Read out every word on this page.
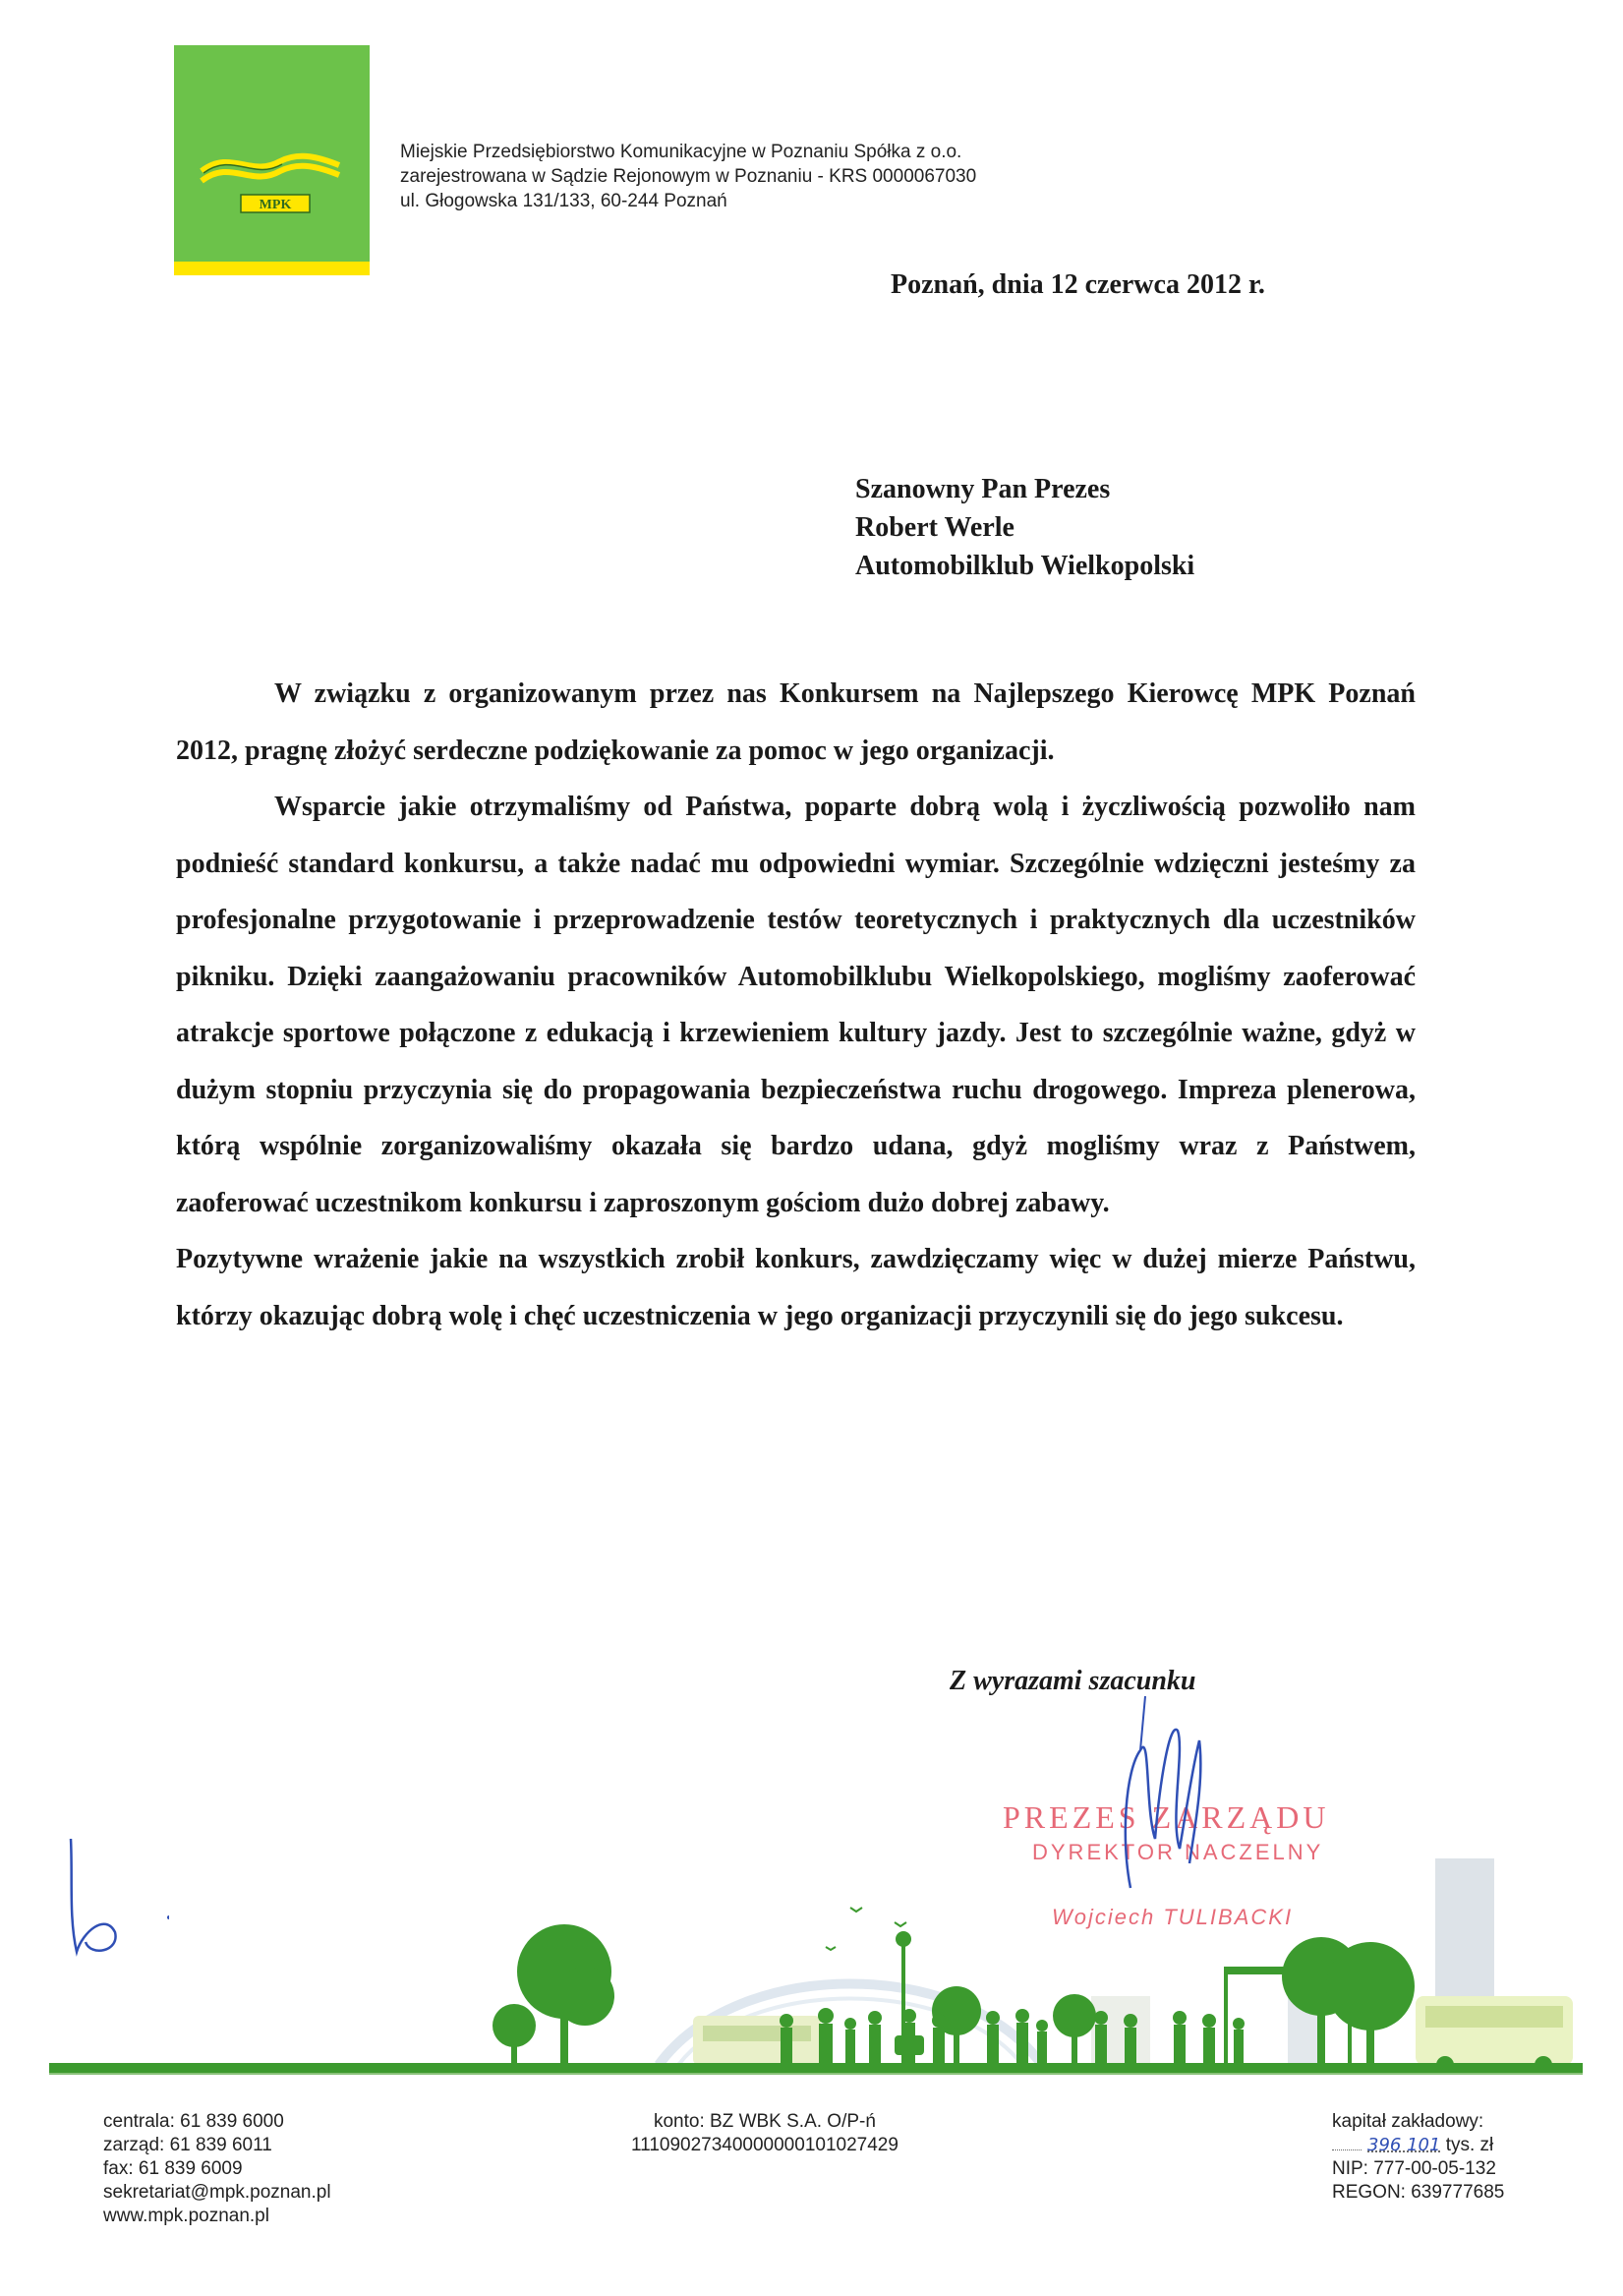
MPK
Miejskie Przedsiębiorstwo Komunikacyjne w Poznaniu Spółka z o.o.
zarejestrowana w Sądzie Rejonowym w Poznaniu - KRS 0000067030
ul. Głogowska 131/133, 60-244 Poznań
Poznań, dnia 12 czerwca 2012 r.
Szanowny Pan Prezes
Robert Werle
Automobilklub Wielkopolski

W związku z organizowanym przez nas Konkursem na Najlepszego Kierowcę MPK Poznań 2012, pragnę złożyć serdeczne podziękowanie za pomoc w jego organizacji.

Wsparcie jakie otrzymaliśmy od Państwa, poparte dobrą wolą i życzliwością pozwoliło nam podnieść standard konkursu, a także nadać mu odpowiedni wymiar. Szczególnie wdzięczni jesteśmy za profesjonalne przygotowanie i przeprowadzenie testów teoretycznych i praktycznych dla uczestników pikniku. Dzięki zaangażowaniu pracowników Automobilklubu Wielkopolskiego, mogliśmy zaoferować atrakcje sportowe połączone z edukacją i krzewieniem kultury jazdy. Jest to szczególnie ważne, gdyż w dużym stopniu przyczynia się do propagowania bezpieczeństwa ruchu drogowego. Impreza plenerowa, którą wspólnie zorganizowaliśmy okazała się bardzo udana, gdyż mogliśmy wraz z Państwem, zaoferować uczestnikom konkursu i zaproszonym gościom dużo dobrej zabawy.

Pozytywne wrażenie jakie na wszystkich zrobił konkurs, zawdzięczamy więc w dużej mierze Państwu, którzy okazując dobrą wolę i chęć uczestniczenia w jego organizacji przyczynili się do jego sukcesu.

Z wyrazami szacunku
PREZES ZARZĄDU
DYREKTOR NACZELNY
Wojciech TULIBACKI
centrala: 61 839 6000
zarząd: 61 839 6011
fax: 61 839 6009
sekretariat@mpk.poznan.pl
www.mpk.poznan.pl
konto: BZ WBK S.A. O/P-ń
11109027340000000101027429
kapitał zakładowy:
396 101 tys. zł
NIP: 777-00-05-132
REGON: 639777685
